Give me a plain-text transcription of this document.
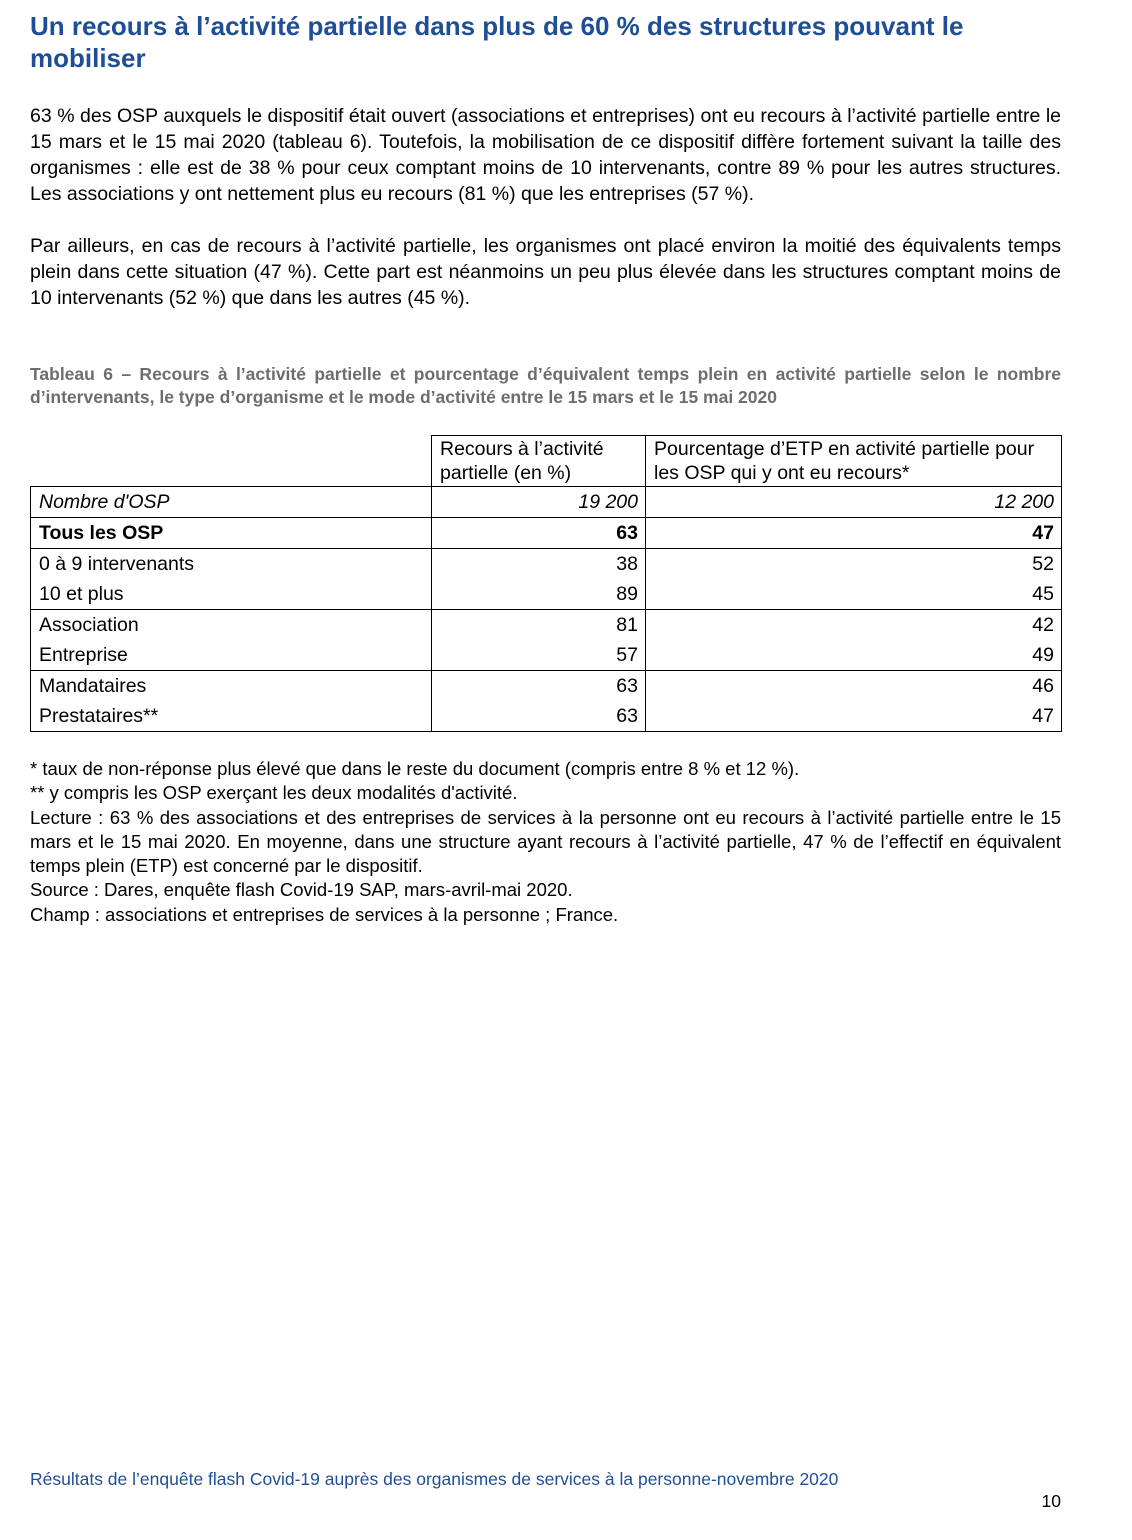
Un recours à l’activité partielle dans plus de 60 % des structures pouvant le mobiliser

63 % des OSP auxquels le dispositif était ouvert (associations et entreprises) ont eu recours à l’activité partielle entre le 15 mars et le 15 mai 2020 (tableau 6). Toutefois, la mobilisation de ce dispositif diffère fortement suivant la taille des organismes : elle est de 38 % pour ceux comptant moins de 10 intervenants, contre 89 % pour les autres structures. Les associations y ont nettement plus eu recours (81 %) que les entreprises (57 %).

Par ailleurs, en cas de recours à l’activité partielle, les organismes ont placé environ la moitié des équivalents temps plein dans cette situation (47 %). Cette part est néanmoins un peu plus élevée dans les structures comptant moins de 10 intervenants (52 %) que dans les autres (45 %).

Tableau 6 – Recours à l’activité partielle et pourcentage d’équivalent temps plein en activité partielle selon le nombre d’intervenants, le type d’organisme et le mode d’activité entre le 15 mars et le 15 mai 2020

	Recours à l’activité partielle (en %)	Pourcentage d’ETP en activité partielle pour les OSP qui y ont eu recours*
Nombre d'OSP	19 200	12 200
Tous les OSP	63	47
0 à 9 intervenants	38	52
10 et plus	89	45
Association	81	42
Entreprise	57	49
Mandataires	63	46
Prestataires**	63	47

* taux de non-réponse plus élevé que dans le reste du document (compris entre 8 % et 12 %).

** y compris les OSP exerçant les deux modalités d'activité.

Lecture : 63 % des associations et des entreprises de services à la personne ont eu recours à l’activité partielle entre le 15 mars et le 15 mai 2020. En moyenne, dans une structure ayant recours à l’activité partielle, 47 % de l’effectif en équivalent temps plein (ETP) est concerné par le dispositif.

Source : Dares, enquête flash Covid-19 SAP, mars-avril-mai 2020.

Champ : associations et entreprises de services à la personne ; France.

Résultats de l’enquête flash Covid-19 auprès des organismes de services à la personne-novembre 2020
10
